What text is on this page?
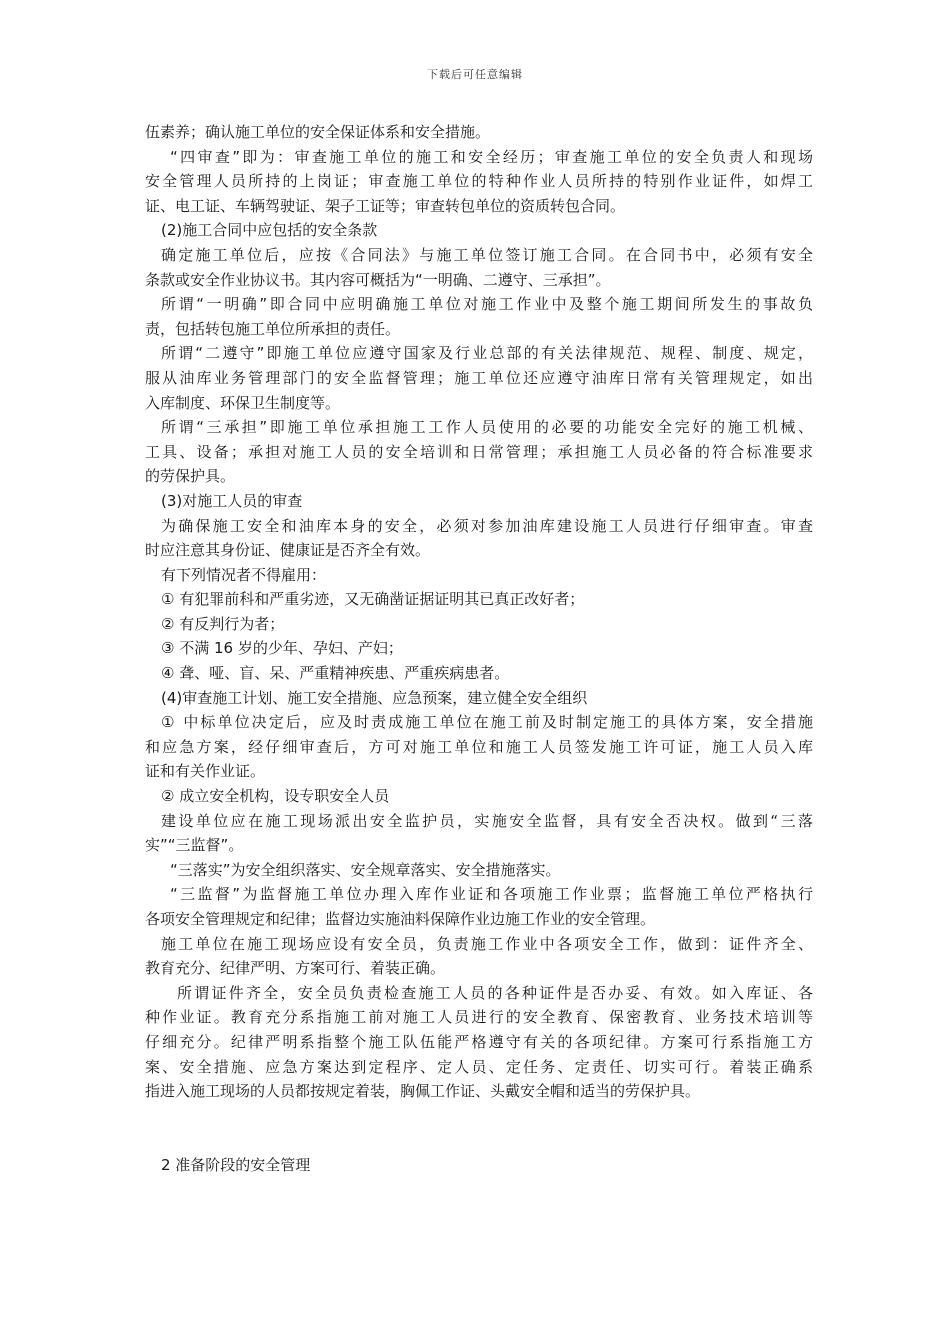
下载后可任意编辑
伍素养；确认施工单位的安全保证体系和安全措施。
“四审查”即为：审查施工单位的施工和安全经历；审查施工单位的安全负责人和现场
安全管理人员所持的上岗证；审查施工单位的特种作业人员所持的特别作业证件，如焊工
证、电工证、车辆驾驶证、架子工证等；审查转包单位的资质转包合同。
(2)施工合同中应包括的安全条款
确定施工单位后，应按《合同法》与施工单位签订施工合同。在合同书中，必须有安全
条款或安全作业协议书。其内容可概括为“一明确、二遵守、三承担”。
所谓“一明确”即合同中应明确施工单位对施工作业中及整个施工期间所发生的事故负
责，包括转包施工单位所承担的责任。
所谓“二遵守”即施工单位应遵守国家及行业总部的有关法律规范、规程、制度、规定，
服从油库业务管理部门的安全监督管理；施工单位还应遵守油库日常有关管理规定，如出
入库制度、环保卫生制度等。
所谓“三承担”即施工单位承担施工工作人员使用的必要的功能安全完好的施工机械、
工具、设备；承担对施工人员的安全培训和日常管理；承担施工人员必备的符合标准要求
的劳保护具。
(3)对施工人员的审查
为确保施工安全和油库本身的安全，必须对参加油库建设施工人员进行仔细审查。审查
时应注意其身份证、健康证是否齐全有效。
有下列情况者不得雇用：
① 有犯罪前科和严重劣迹，又无确凿证据证明其已真正改好者；
② 有反判行为者；
③ 不满 16 岁的少年、孕妇、产妇；
④ 聋、哑、盲、呆、严重精神疾患、严重疾病患者。
(4)审查施工计划、施工安全措施、应急预案，建立健全安全组织
① 中标单位决定后，应及时责成施工单位在施工前及时制定施工的具体方案，安全措施
和应急方案，经仔细审查后，方可对施工单位和施工人员签发施工许可证，施工人员入库
证和有关作业证。
② 成立安全机构，设专职安全人员
建设单位应在施工现场派出安全监护员，实施安全监督，具有安全否决权。做到“三落
实”“三监督”。
“三落实”为安全组织落实、安全规章落实、安全措施落实。
“三监督”为监督施工单位办理入库作业证和各项施工作业票；监督施工单位严格执行
各项安全管理规定和纪律；监督边实施油料保障作业边施工作业的安全管理。
施工单位在施工现场应设有安全员，负责施工作业中各项安全工作，做到：证件齐全、
教育充分、纪律严明、方案可行、着装正确。
所谓证件齐全，安全员负责检查施工人员的各种证件是否办妥、有效。如入库证、各
种作业证。教育充分系指施工前对施工人员进行的安全教育、保密教育、业务技术培训等
仔细充分。纪律严明系指整个施工队伍能严格遵守有关的各项纪律。方案可行系指施工方
案、安全措施、应急方案达到定程序、定人员、定任务、定责任、切实可行。着装正确系
指进入施工现场的人员都按规定着装，胸佩工作证、头戴安全帽和适当的劳保护具。
2 准备阶段的安全管理
